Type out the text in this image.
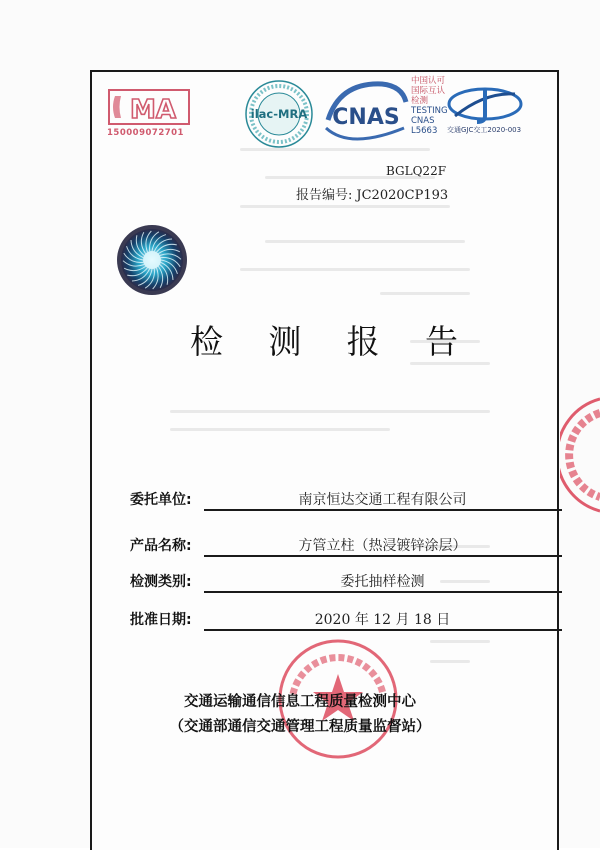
MA
150009072701
ilac-MRA CNAS
中国认可
国际互认
检测
TESTING
CNAS L5663	交通GJC交工2020-003
BGLQ22F
报告编号: JC2020CP193
检 测 报 告
委托单位:	南京恒达交通工程有限公司
产品名称:	方管立柱（热浸镀锌涂层）
检测类别:	委托抽样检测
批准日期:	2020 年 12 月 18 日
交通运输通信信息工程质量检测中心
（交通部通信交通管理工程质量监督站）
